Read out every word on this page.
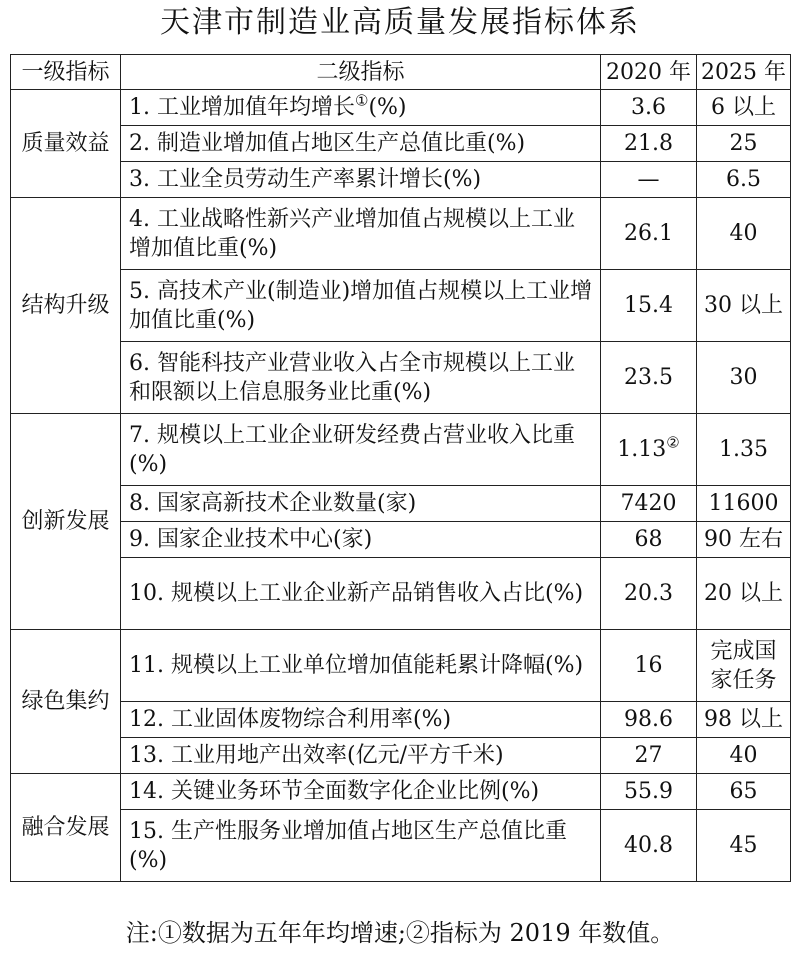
天津市制造业高质量发展指标体系
一级指标	二级指标	2020 年	2025 年
质量效益	1. 工业增加值年均增长①(%)	3.6	6 以上
	2. 制造业增加值占地区生产总值比重(%)	21.8	25
	3. 工业全员劳动生产率累计增长(%)	—	6.5
结构升级	4. 工业战略性新兴产业增加值占规模以上工业增加值比重(%)	26.1	40
	5. 高技术产业(制造业)增加值占规模以上工业增加值比重(%)	15.4	30 以上
	6. 智能科技产业营业收入占全市规模以上工业和限额以上信息服务业比重(%)	23.5	30
创新发展	7. 规模以上工业企业研发经费占营业收入比重(%)	1.13②	1.35
	8. 国家高新技术企业数量(家)	7420	11600
	9. 国家企业技术中心(家)	68	90 左右
	10. 规模以上工业企业新产品销售收入占比(%)	20.3	20 以上
绿色集约	11. 规模以上工业单位增加值能耗累计降幅(%)	16	完成国家任务
	12. 工业固体废物综合利用率(%)	98.6	98 以上
	13. 工业用地产出效率(亿元/平方千米)	27	40
融合发展	14. 关键业务环节全面数字化企业比例(%)	55.9	65
	15. 生产性服务业增加值占地区生产总值比重(%)	40.8	45
注:①数据为五年年均增速;②指标为 2019 年数值。
